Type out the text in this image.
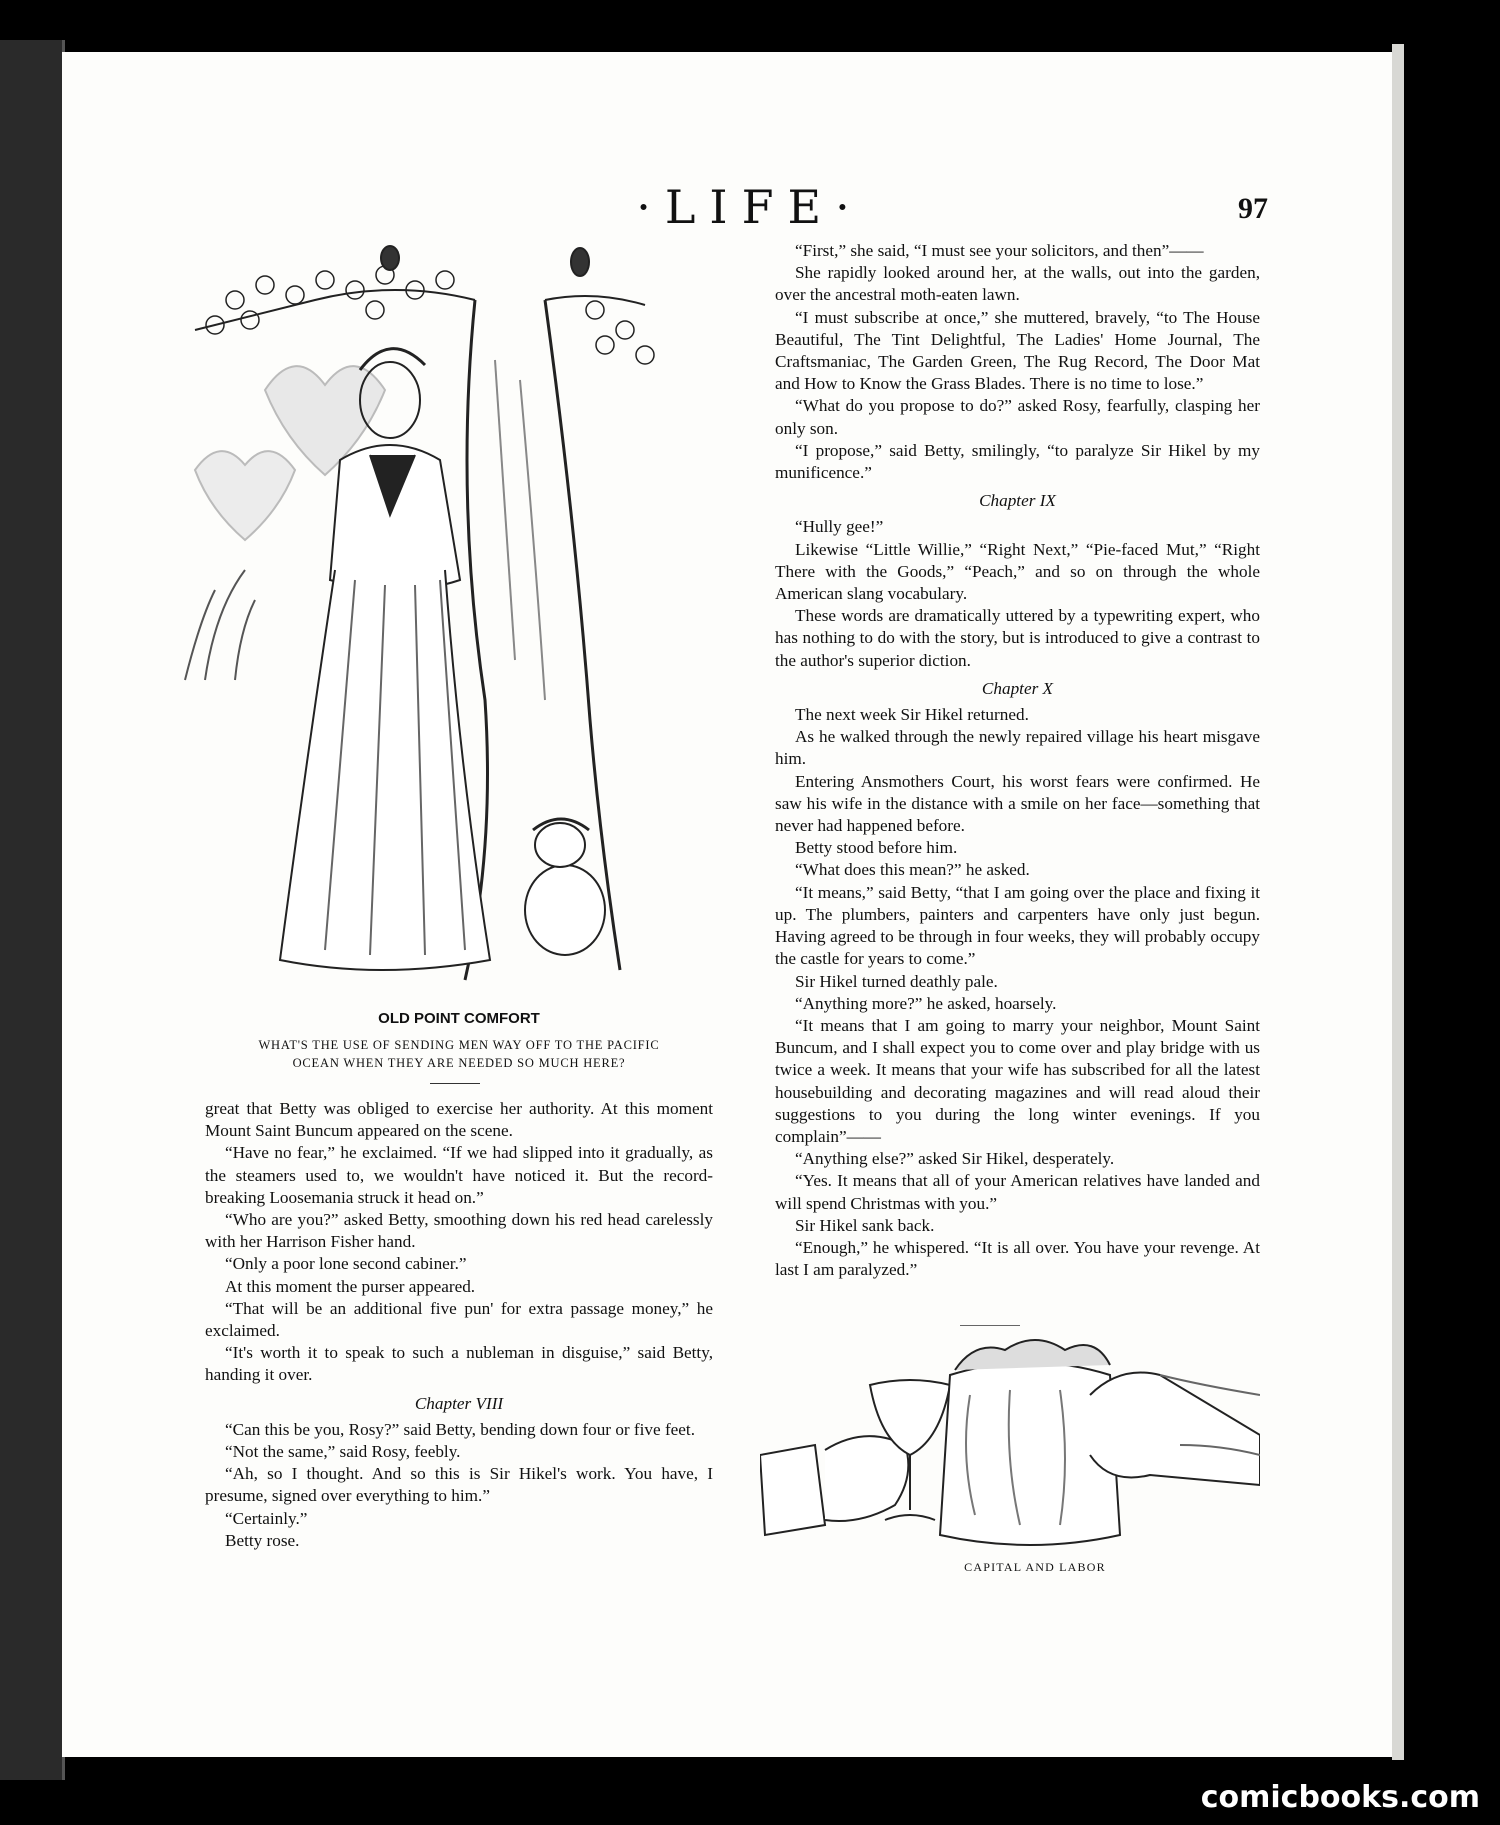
·LIFE·	97
OLD POINT COMFORT
WHAT'S THE USE OF SENDING MEN WAY OFF TO THE PACIFIC
OCEAN WHEN THEY ARE NEEDED SO MUCH HERE?

great that Betty was obliged to exercise her authority. At this moment Mount Saint Buncum appeared on the scene.

“Have no fear,” he exclaimed. “If we had slipped into it gradually, as the steamers used to, we wouldn't have noticed it. But the record-breaking Loosemania struck it head on.”

“Who are you?” asked Betty, smoothing down his red head carelessly with her Harrison Fisher hand.

“Only a poor lone second cabiner.”

At this moment the purser appeared.

“That will be an additional five pun' for extra passage money,” he exclaimed.

“It's worth it to speak to such a nubleman in disguise,” said Betty, handing it over.

Chapter VIII

“Can this be you, Rosy?” said Betty, bending down four or five feet.

“Not the same,” said Rosy, feebly.

“Ah, so I thought. And so this is Sir Hikel's work. You have, I presume, signed over everything to him.”

“Certainly.”

Betty rose.

“First,” she said, “I must see your solicitors, and then”——

She rapidly looked around her, at the walls, out into the garden, over the ancestral moth-eaten lawn.

“I must subscribe at once,” she muttered, bravely, “to The House Beautiful, The Tint Delightful, The Ladies' Home Journal, The Craftsmaniac, The Garden Green, The Rug Record, The Door Mat and How to Know the Grass Blades. There is no time to lose.”

“What do you propose to do?” asked Rosy, fearfully, clasping her only son.

“I propose,” said Betty, smilingly, “to paralyze Sir Hikel by my munificence.”

Chapter IX

“Hully gee!”

Likewise “Little Willie,” “Right Next,” “Pie-faced Mut,” “Right There with the Goods,” “Peach,” and so on through the whole American slang vocabulary.

These words are dramatically uttered by a typewriting expert, who has nothing to do with the story, but is introduced to give a contrast to the author's superior diction.

Chapter X

The next week Sir Hikel returned.

As he walked through the newly repaired village his heart misgave him.

Entering Ansmothers Court, his worst fears were confirmed. He saw his wife in the distance with a smile on her face—something that never had happened before.

Betty stood before him.

“What does this mean?” he asked.

“It means,” said Betty, “that I am going over the place and fixing it up. The plumbers, painters and carpenters have only just begun. Having agreed to be through in four weeks, they will probably occupy the castle for years to come.”

Sir Hikel turned deathly pale.

“Anything more?” he asked, hoarsely.

“It means that I am going to marry your neighbor, Mount Saint Buncum, and I shall expect you to come over and play bridge with us twice a week. It means that your wife has subscribed for all the latest housebuilding and decorating magazines and will read aloud their suggestions to you during the long winter evenings. If you complain”——

“Anything else?” asked Sir Hikel, desperately.

“Yes. It means that all of your American relatives have landed and will spend Christmas with you.”

Sir Hikel sank back.

“Enough,” he whispered. “It is all over. You have your revenge. At last I am paralyzed.”

CAPITAL AND LABOR
comicbooks.com
